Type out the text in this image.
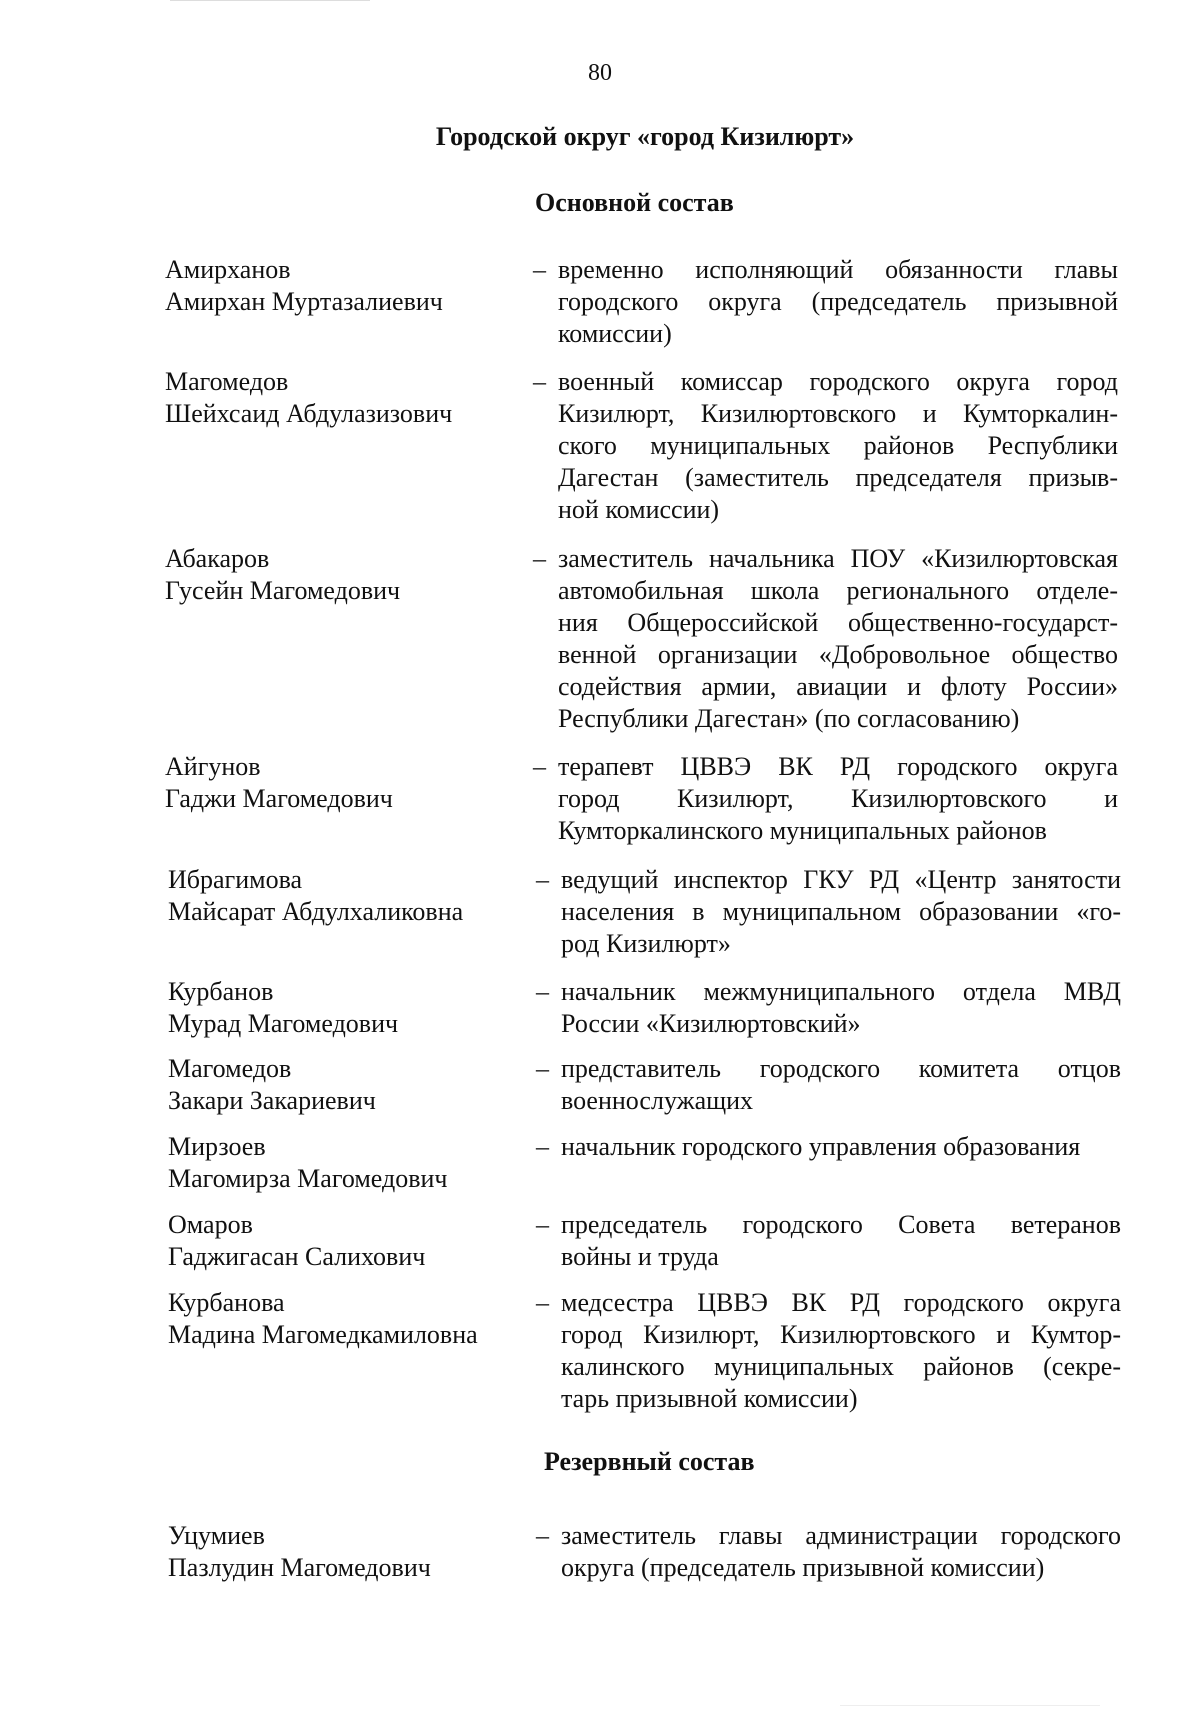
80
Городской округ «город Кизилюрт»
Основной состав
Амирханов
Амирхан Муртазалиевич
– временно исполняющий обязанности главы
городского округа (председатель призывной
комиссии)
Магомедов
Шейхсаид Абдулазизович
– военный комиссар городского округа город
Кизилюрт, Кизилюртовского и Кумторкалин-
ского муниципальных районов Республики
Дагестан (заместитель председателя призыв-
ной комиссии)
Абакаров
Гусейн Магомедович
– заместитель начальника ПОУ «Кизилюртовская
автомобильная школа регионального отделе-
ния Общероссийской общественно-государст-
венной организации «Добровольное общество
содействия армии, авиации и флоту России»
Республики Дагестан» (по согласованию)
Айгунов
Гаджи Магомедович
– терапевт ЦВВЭ ВК РД городского округа
город Кизилюрт, Кизилюртовского и
Кумторкалинского муниципальных районов
Ибрагимова
Майсарат Абдулхаликовна
– ведущий инспектор ГКУ РД «Центр занятости
населения в муниципальном образовании «го-
род Кизилюрт»
Курбанов
Мурад Магомедович
– начальник межмуниципального отдела МВД
России «Кизилюртовский»
Магомедов
Закари Закариевич
– представитель городского комитета отцов
военнослужащих
Мирзоев
Магомирза Магомедович
– начальник городского управления образования
Омаров
Гаджигасан Салихович
– председатель городского Совета ветеранов
войны и труда
Курбанова
Мадина Магомедкамиловна
– медсестра ЦВВЭ ВК РД городского округа
город Кизилюрт, Кизилюртовского и Кумтор-
калинского муниципальных районов (секре-
тарь призывной комиссии)
Резервный состав
Уцумиев
Пазлудин Магомедович
– заместитель главы администрации городского
округа (председатель призывной комиссии)
